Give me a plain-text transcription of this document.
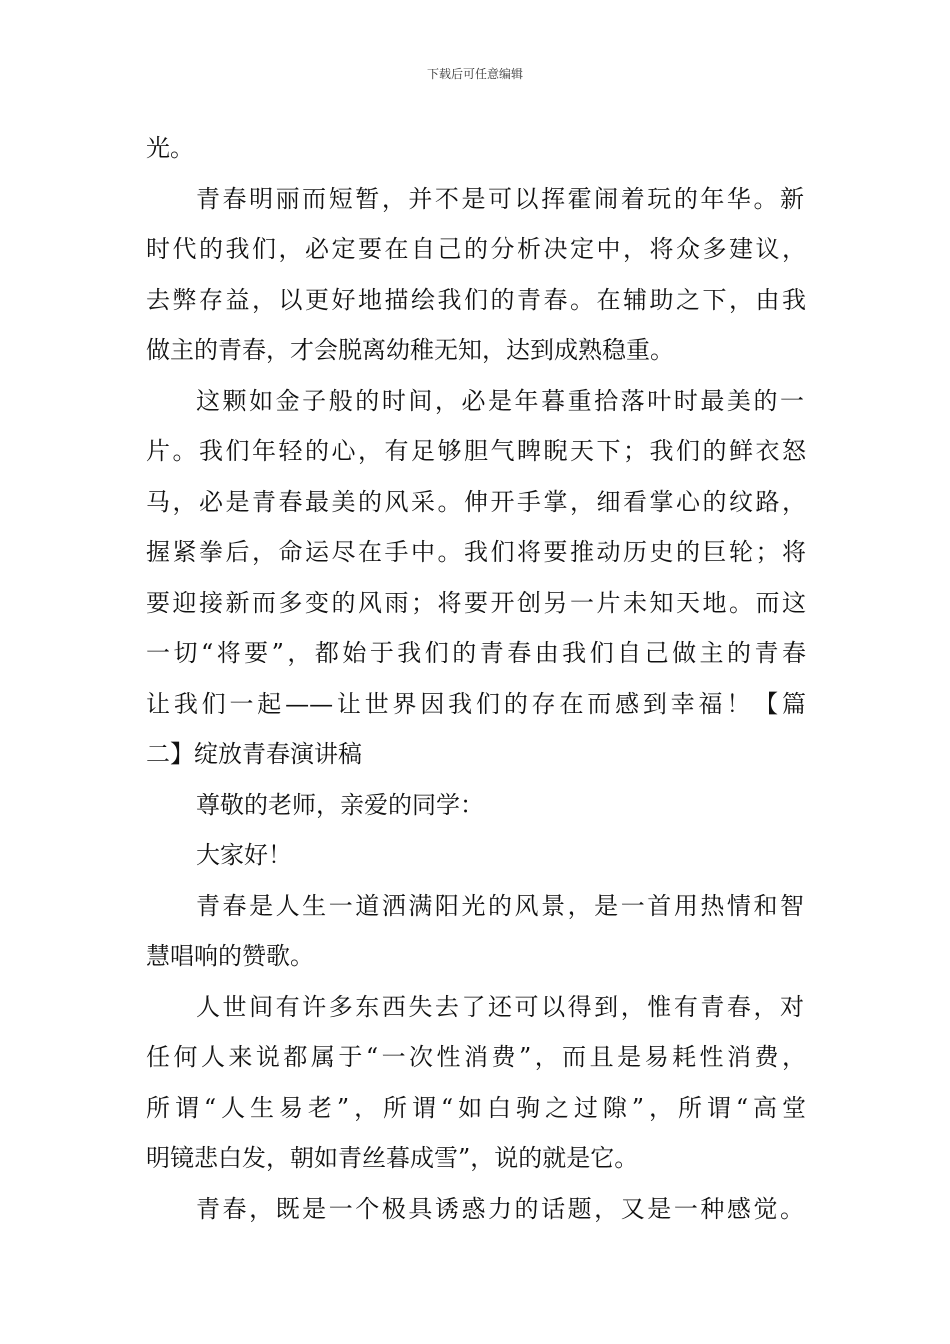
下载后可任意编辑
光。
青春明丽而短暂，并不是可以挥霍闹着玩的年华。新
时代的我们，必定要在自己的分析决定中，将众多建议，
去弊存益，以更好地描绘我们的青春。在辅助之下，由我
做主的青春，才会脱离幼稚无知，达到成熟稳重。
这颗如金子般的时间，必是年暮重拾落叶时最美的一
片。我们年轻的心，有足够胆气睥睨天下；我们的鲜衣怒
马，必是青春最美的风采。伸开手掌，细看掌心的纹路，
握紧拳后，命运尽在手中。我们将要推动历史的巨轮；将
要迎接新而多变的风雨；将要开创另一片未知天地。而这
一切“将要”，都始于我们的青春由我们自己做主的青春
让我们一起——让世界因我们的存在而感到幸福！【篇
二】绽放青春演讲稿
尊敬的老师，亲爱的同学：
大家好！
青春是人生一道洒满阳光的风景，是一首用热情和智
慧唱响的赞歌。
人世间有许多东西失去了还可以得到，惟有青春，对
任何人来说都属于“一次性消费”，而且是易耗性消费，
所谓“人生易老”，所谓“如白驹之过隙”，所谓“高堂
明镜悲白发，朝如青丝暮成雪”，说的就是它。
青春，既是一个极具诱惑力的话题，又是一种感觉。
